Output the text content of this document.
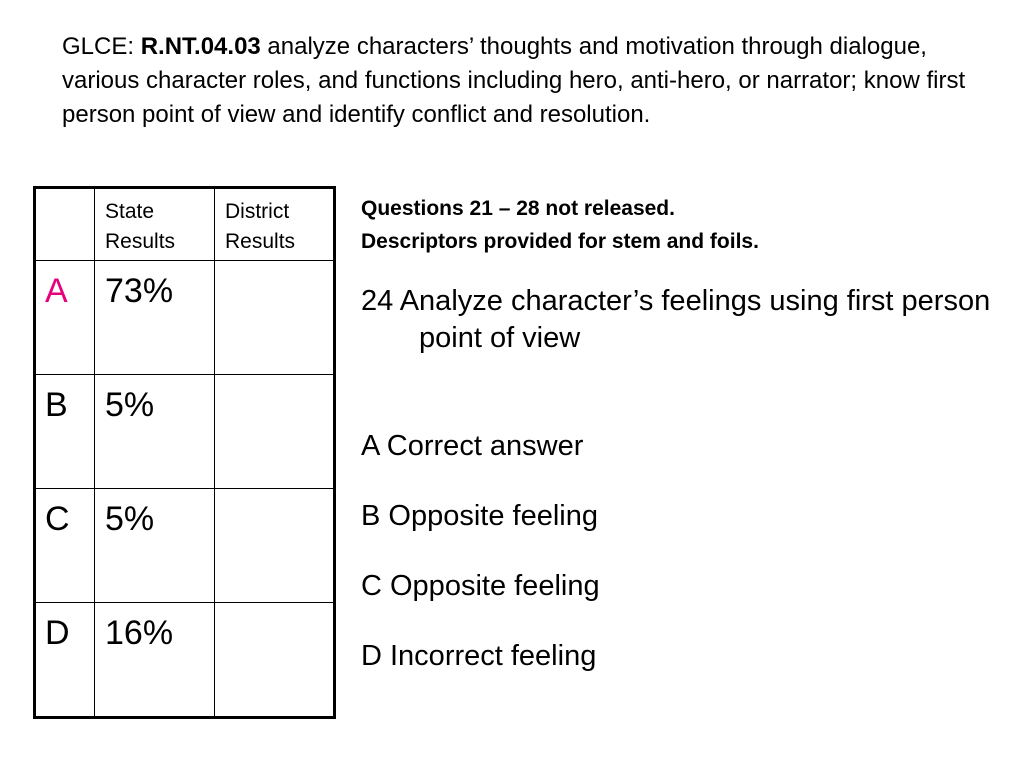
GLCE: R.NT.04.03 analyze characters’ thoughts and motivation through dialogue, various character roles, and functions including hero, anti-hero, or narrator; know first person point of view and identify conflict and resolution.

	State Results	District Results

A	73%	

B	5%	

C	5%	

D	16%	

Questions 21 – 28 not released.
Descriptors provided for stem and foils.
24 Analyze character’s feelings using first person point of view
A Correct answer
B Opposite feeling
C Opposite feeling
D Incorrect feeling
